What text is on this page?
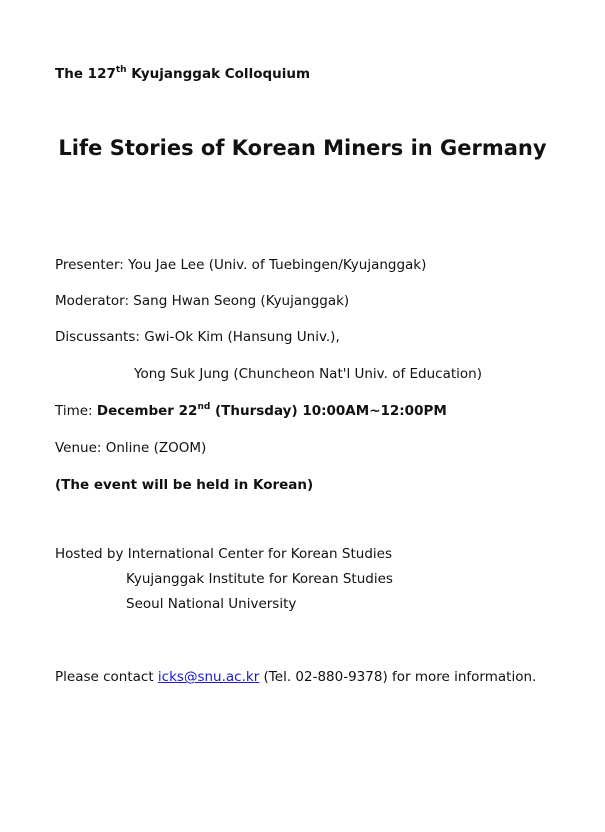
The 127th Kyujanggak Colloquium
Life Stories of Korean Miners in Germany
Presenter: You Jae Lee (Univ. of Tuebingen/Kyujanggak)
Moderator: Sang Hwan Seong (Kyujanggak)
Discussants: Gwi-Ok Kim (Hansung Univ.),
Yong Suk Jung (Chuncheon Nat'l Univ. of Education)
Time: December 22nd (Thursday) 10:00AM~12:00PM
Venue: Online (ZOOM)
(The event will be held in Korean)
Hosted by International Center for Korean Studies
Kyujanggak Institute for Korean Studies
Seoul National University
Please contact icks@snu.ac.kr (Tel. 02-880-9378) for more information.
